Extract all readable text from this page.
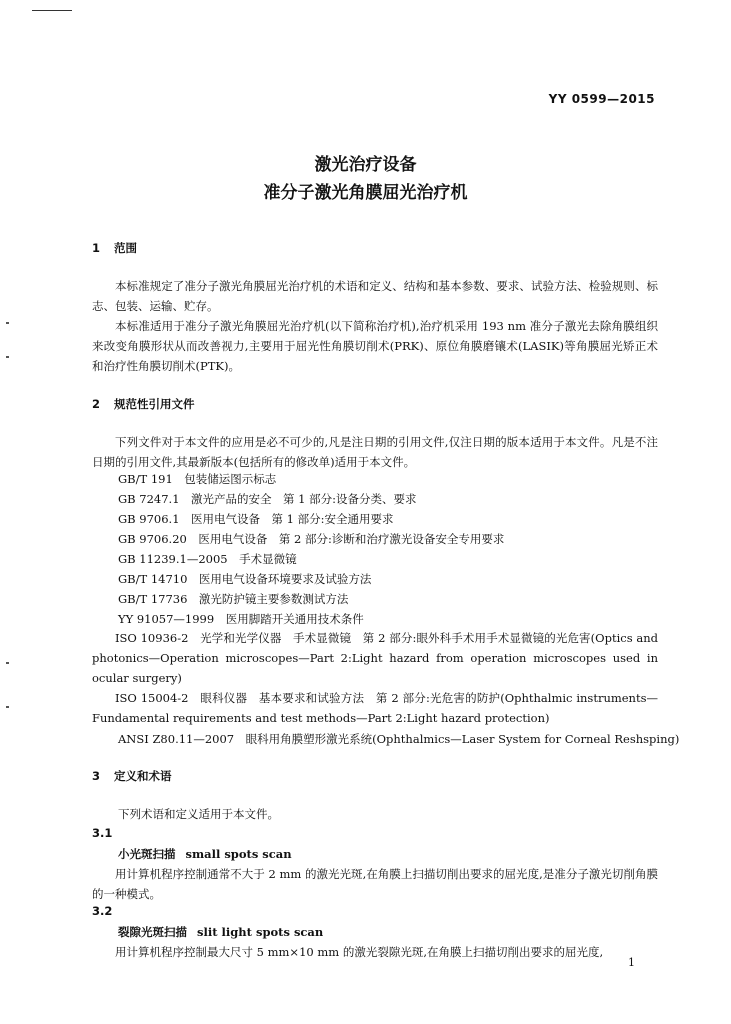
YY 0599—2015
激光治疗设备
准分子激光角膜屈光治疗机
1 范围
本标准规定了准分子激光角膜屈光治疗机的术语和定义、结构和基本参数、要求、试验方法、检验规则、标志、包装、运输、贮存。
本标准适用于准分子激光角膜屈光治疗机(以下简称治疗机),治疗机采用 193 nm 准分子激光去除角膜组织来改变角膜形状从而改善视力,主要用于屈光性角膜切削术(PRK)、原位角膜磨镶术(LASIK)等角膜屈光矫正术和治疗性角膜切削术(PTK)。
2 规范性引用文件
下列文件对于本文件的应用是必不可少的,凡是注日期的引用文件,仅注日期的版本适用于本文件。凡是不注日期的引用文件,其最新版本(包括所有的修改单)适用于本文件。
GB/T 191　包装储运图示标志
GB 7247.1　激光产品的安全　第 1 部分:设备分类、要求
GB 9706.1　医用电气设备　第 1 部分:安全通用要求
GB 9706.20　医用电气设备　第 2 部分:诊断和治疗激光设备安全专用要求
GB 11239.1—2005　手术显微镜
GB/T 14710　医用电气设备环境要求及试验方法
GB/T 17736　激光防护镜主要参数测试方法
YY 91057—1999　医用脚踏开关通用技术条件
ISO 10936-2　光学和光学仪器　手术显微镜　第 2 部分:眼外科手术用手术显微镜的光危害(Optics and photonics—Operation microscopes—Part 2:Light hazard from operation microscopes used in ocular surgery)
ISO 15004-2　眼科仪器　基本要求和试验方法　第 2 部分:光危害的防护(Ophthalmic instruments—Fundamental requirements and test methods—Part 2:Light hazard protection)
ANSI Z80.11—2007　眼科用角膜塑形激光系统(Ophthalmics—Laser System for Corneal Reshsping)
3 定义和术语
下列术语和定义适用于本文件。
3.1
小光斑扫描 small spots scan
用计算机程序控制通常不大于 2 mm 的激光光斑,在角膜上扫描切削出要求的屈光度,是准分子激光切削角膜的一种模式。
3.2
裂隙光斑扫描 slit light spots scan
用计算机程序控制最大尺寸 5 mm×10 mm 的激光裂隙光斑,在角膜上扫描切削出要求的屈光度,
1
